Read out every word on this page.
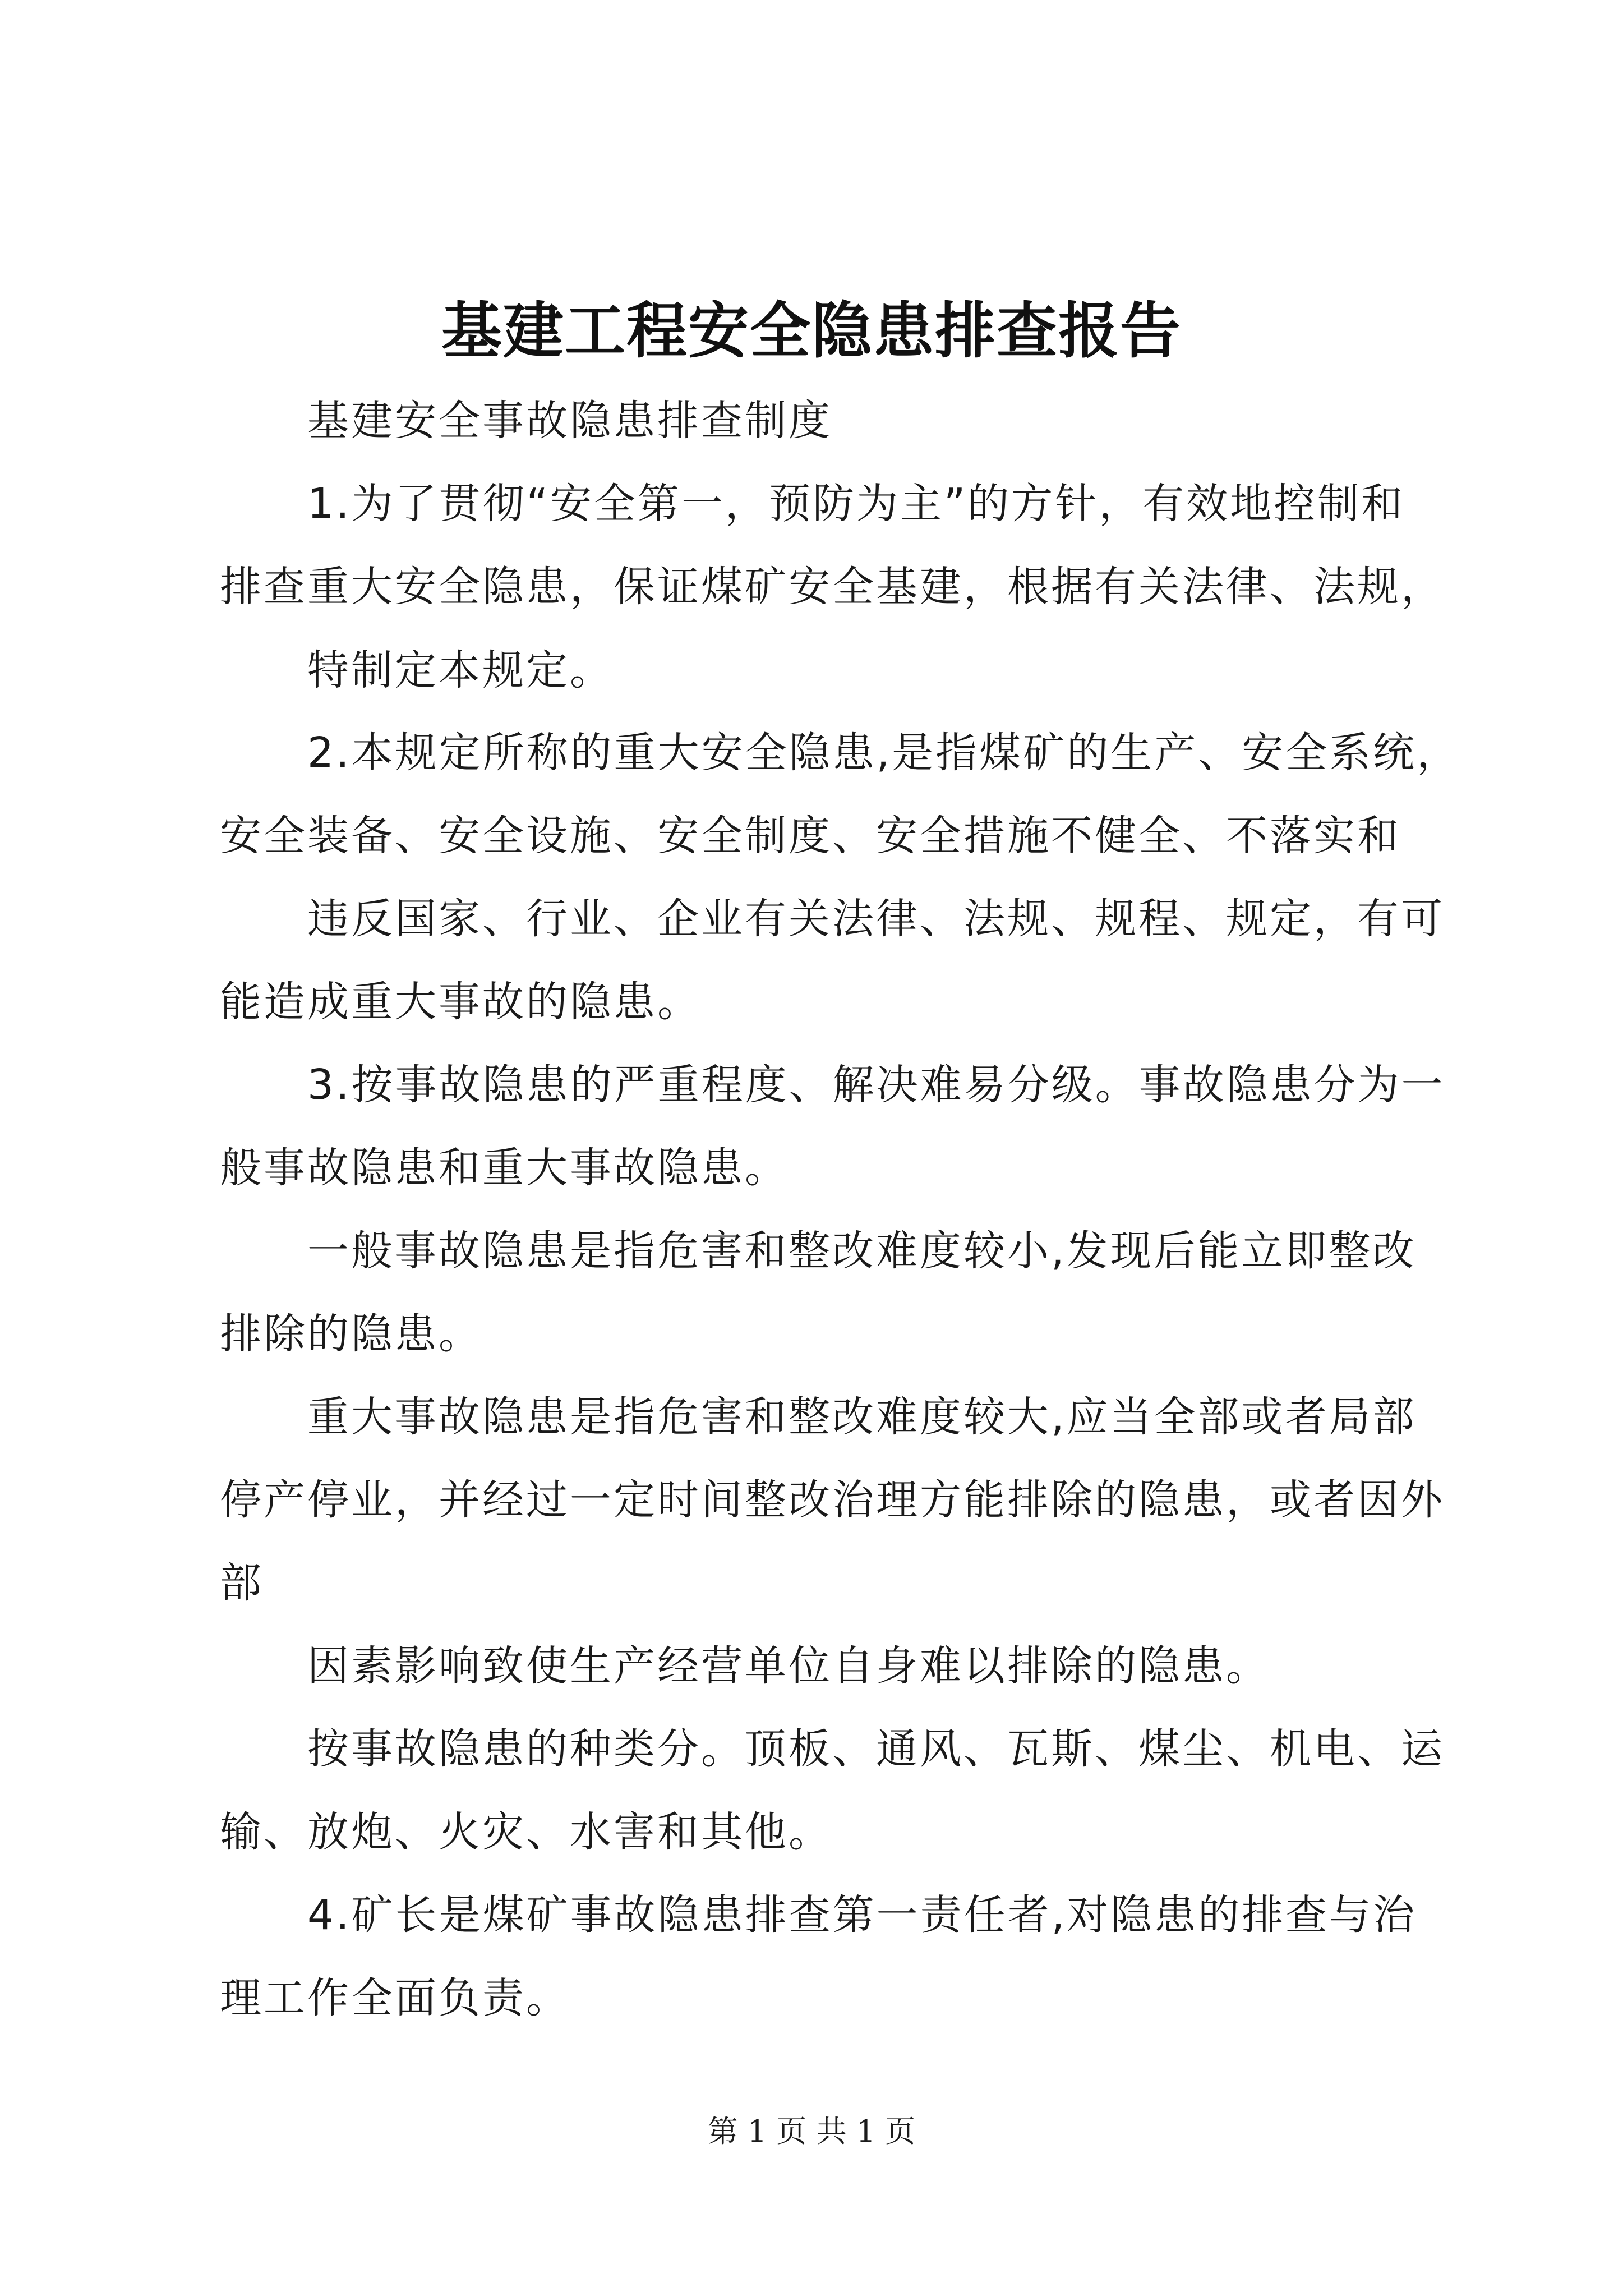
基建工程安全隐患排查报告
基建安全事故隐患排查制度
1.为了贯彻“安全第一，预防为主”的方针，有效地控制和
排查重大安全隐患，保证煤矿安全基建，根据有关法律、法规，
特制定本规定。
2.本规定所称的重大安全隐患,是指煤矿的生产、安全系统，
安全装备、安全设施、安全制度、安全措施不健全、不落实和
违反国家、行业、企业有关法律、法规、规程、规定，有可
能造成重大事故的隐患。
3.按事故隐患的严重程度、解决难易分级。事故隐患分为一
般事故隐患和重大事故隐患。
一般事故隐患是指危害和整改难度较小,发现后能立即整改
排除的隐患。
重大事故隐患是指危害和整改难度较大,应当全部或者局部
停产停业，并经过一定时间整改治理方能排除的隐患，或者因外
部
因素影响致使生产经营单位自身难以排除的隐患。
按事故隐患的种类分。顶板、通风、瓦斯、煤尘、机电、运
输、放炮、火灾、水害和其他。
4.矿长是煤矿事故隐患排查第一责任者,对隐患的排查与治
理工作全面负责。
第 1 页 共 1 页
